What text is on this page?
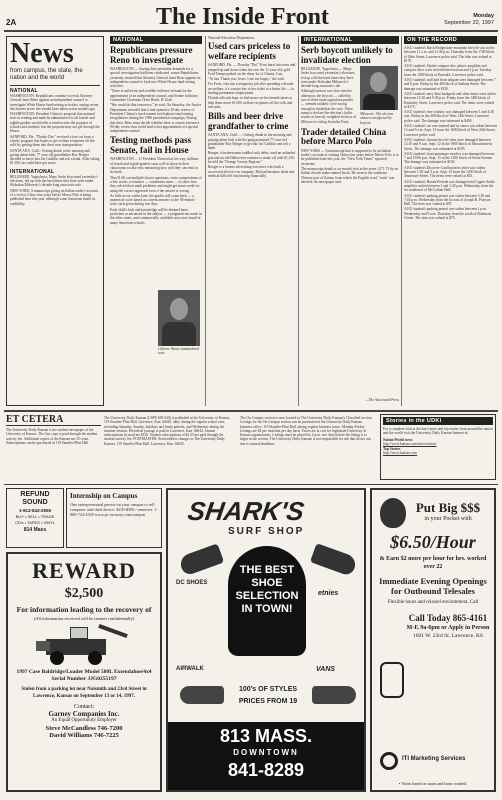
2A	The Inside Front	Monday
September 22, 1997
News
from campus, the state, the nation and the world
NATIONAL

WASHINGTON: Republicans continue to resist Attorney General Janet Reno against an independent counsel to investigate White House fund-raising activities, saying recent disclosures prove she should have taken action months ago.

WASHINGTON: President Clinton's proposal that national tests in reading and math be administered to all fourth- and eighth-graders would offer a window into the progress of schools and students, but the proposal may not get through the House.

SANFORD, Fla.: "Dunky Doo" received a free car from a charity program that hopes to get welfare recipients off the rolls by getting them into their own transportation.

SANTA ANA, Calif.: Getting drunk in the morning and giving about kids, 77-year-old grandfather Roy Boeger decided to move into his Cadillac and rob a bank. After taking $1,100, he could have got more.

INTERNATIONAL

BELGRADE, Yugoslavia: Many Serbs boycotted yesterday's elections, fed up with the hard times they have seen under Slobodan Milosevic's decade-long autocratic rule.

NEW YORK: A manuscript giving an Italian trader's account of a visit to China four years before Marco Polo is being published later this year, although some historians doubt its credibility.

NATIONAL
Republicans pressure Reno to investigate

WASHINGTON — Saying their persistent demands for a special investigation had been vindicated, senior Republicans yesterday insisted that Attorney General Janet Reno appoint an independent counsel to look into White House fund-raising activities.

"There is sufficient and credible evidence in hand for the appointment of an independent counsel, and Senate Judiciary Committee Chairman Orrin Hatch, R-Utah.

"She could do that tomorrow," he said. On Saturday, the Justice Department revealed that it had opened a 30-day review of President Clinton's involvement in telephone fund-raising irregularities during the 1996 presidential campaign. During that time, Reno must decide whether there is a more extensive 90-day review that could lead to her appointment of a special independent counsel.

Testing methods pass Senate, fail in House

WASHINGTON — If President Clinton has his way, millions of fourth and eighth-graders soon will sit down in their classrooms to take tests measuring how well they can read or do math.

They'll fill out multiple-choice questions, write compositions of a few words, a sentence — sometimes more — to show how they solved their math problems and might get some credit for using the correct approach even if the answer is wrong.

As little as six weeks later, the grades will come back — a numerical score based on current answers to the 90-minute tests, each given during two days.

Each child's kids and knowledge will be deemed basic, proficient or advanced in the subject — a judgment not made in the other states, and commercially available tests now found in many American schools.

Clinton: Wants standardized tests
National Education Department.
Used cars priceless to welfare recipients

SANFORD, Fla. — Dorothy "Dot" Frost burst into tears and jumped up and down when she saw the 11-year-old, gold Ford Tempo parked on the dusty lot of Charity Cars.

"At last. Thank you, Jesus. I am too happy," she said.

For Frost, who has a temporary job after spending a decade on welfare, it's a major key to her ticket to a better life — to finding permanent employment.

Florida officials hope to find more car-less beneficiaries to help them move 61,000 welfare recipients off the rolls and into jobs.

Bills and beer drive grandfather to crime

SANTA ANA, Calif. — Getting drunk in the morning and griping about kids with the gang prompted 77-year-old grandfather Roy Boeger to get into his Cadillac and rob a bank.

Boeger, a businessman saddled with debts, used an unloaded gun and an old Halloween costume to make off with $1,100, he told the "Orange County Register."

Boeger is a former advertising executive who built a successful electric-car company. But bad business deals and medical bills left him hurting financially.

INTERNATIONAL
Serb boycott unlikely to invalidate election

BELGRADE, Yugoslavia — Many Serbs boycotted yesterday's elections, fed up with the hard times they have seen under Slobodan Milosevic's decade-long autocratic rule.

Although turnout was slow into the afternoon, the boycott — called by two of three main opposition parties — seemed unlikely to be strong enough to invalidate the vote. These mean to declare the election's ballot results as heavily weighted in favor of Milosevic's ruling Socialist Party.

Trader detailed China before Marco Polo

NEW YORK — A manuscript that is supposed to be an Italian trader's account of visiting China four years before Marco Polo is to be published later this year, the "New York Times" reported yesterday.

The manuscript details a six-month visit in the years 1271-72 by an Italian Jewish trader named Jacob. He went to the southeast Chinese port of Zaitun, from which the English word "satin" was derived, the newspaper said.

—The Associated Press
Milosevic: His election chances unaffected by boycott
ON THE RECORD

A KU student's black Bridgestone mountain bicycle was stolen between 11 a.m. and 11:30 p.m. Thursday from the 1700 block of Ohio Street, Lawrence police said. The bike was valued at $170.

A KU student's Alpine compact disc player, amplifier and compact discs were stolen between noon and 2 p.m. Tuesday from the 1900 block of Emerald, Lawrence police said.

A KU student's wall and front tailgate were damaged between 7 and 8 p.m. Friday in the 400 block of Indiana Street. The damage was estimated at $150.

A KU student's navy blue backpack and other items were stolen between 12:30 and 9:30 p.m. Friday from the 1400 block of Kentucky Street, Lawrence police said. The items were valued at $175.

A KU student's rear window was damaged between 1 and 4:30 a.m. Friday in the 400 block of West 14th Street, Lawrence police said. The damage was estimated at $400.

A KU student's car was entered and its stereo was taken between 12 and 9 a.m. Sept. 13 from the 1600 block of West 24th Street, Lawrence police said.

A KU student's chrome bicycle rims were damaged between 12:10 and 9 a.m. Sept. 12 in the 1900 block of Massachusetts Street. The damage was estimated at $195.

A KU student's front passenger window was damaged between 7 and 10:06 p.m. Sept. 15 in the 1200 block of Oread Avenue. The damage was estimated at $150.

A KU student's Discover Card business letter was stolen between 1:30 and 3 p.m. Sept. 13 from the 1200 block of Tennessee Street. The items were valued at $10.

A KU student's Honda Prelude was damaged and Lipper Audio amplifier stolen between 1 and 1:45 p.m. Wednesday from the lot southwest of McCollum Hall.

A KU student's parking permit was stolen between 3:30 and 7:40 p.m. Wednesday from the lot east of Joseph R. Pearson Hall. The item was valued at $97.

A KU student's parking permit was stolen between 1 p.m. Wednesday and 9 a.m. Thursday from the south of Robinson Center. The item was valued at $75.

ET CETERA
The University Daily Kansan is the student newspaper of the University of Kansas. The first copy is paid through the student activity fee. Additional copies of the Kansan are 25 cents. Subscriptions can be purchased at 119 Stauffer-Flint Hall.
The University Daily Kansan (USPS 650-640) is published at the University of Kansas, 119 Stauffer-Flint Hall, Lawrence, Kan. 66045, daily during the regular school year, excluding Saturday, Sunday, holidays and finals periods, and Wednesday during the summer session. Periodical postage is paid in Lawrence, Kan. 66044. Annual subscriptions by mail are $120. Student subscriptions of $2.33 are paid through the student activity fee. POSTMASTER: Send address changes to The University Daily Kansan, 119 Stauffer-Flint Hall, Lawrence, Kan. 66045.
The On Campus section is now located in The University Daily Kansan's Classified section. Listings for the On Campus section can be purchased at the University Daily Kansan business office, 119 Stauffer-Flint Hall, during regular business hours, Monday-Friday. Listings are $4 per insertion per day basis. Prices are at cost for legitimate University of Kansas organizations. Listings must be placed by 4 p.m. two days before the listing is to begin in the section. The University Daily Kansan is not responsible for ads that do not run due to missed deadlines.
Stories in the UDKi
For a complete look at the day's news and top stories from around the nation and the world visit the University Daily Kansan Internet at:
Nation/World news
http://www.kansan.com/news/nation/
Top Stories
http://www.kansan.com
REFUND SOUND
1-913-843-2555
BUY • SELL • TRADE
CD's • TAPES • VINYL
814 Mass
Internship on Campus
One entrepreneurial person on your campus to sell computer anti-theft device. $250-$500 / semester. 1-800-724-4339 www.pc-security.com/campus
REWARD
$2,500
For information leading to the recovery of
(All information received will be treated confidentially)
1997 Case Baldridge/Loader Model 580L Extendahoe/4x4 Serial Number JJG0255197
Stolen from a parking lot near Naismith and 23rd Street in Lawrence, Kansas on September 13 or 14, 1997.
Contact:
Garney Companies Inc.
An Equal Opportunity Employer
Steve McCandless 746-7200
David Williams 746-7225
SHARK'S
SURF SHOP
THE BEST SHOE SELECTION IN TOWN!
AIRWALK	VANS
DC SHOES
etnies
100's OF STYLES
PRICES FROM 19
813 MASS.
DOWNTOWN
841-8289
Put Big $$$
in your Pocket with
$6.50/Hour
& Earn $2 more per hour for hrs. worked over 22
Immediate Evening Openings for Outbound Telesales
Flexible hours and relaxed environment. Call
Call Today 865-4161
M-F, 9a-6pm or Apply in Person
1601 W. 23rd St. Lawrence, KS
ITI Marketing Services
• Varies based on status and hours worked.
